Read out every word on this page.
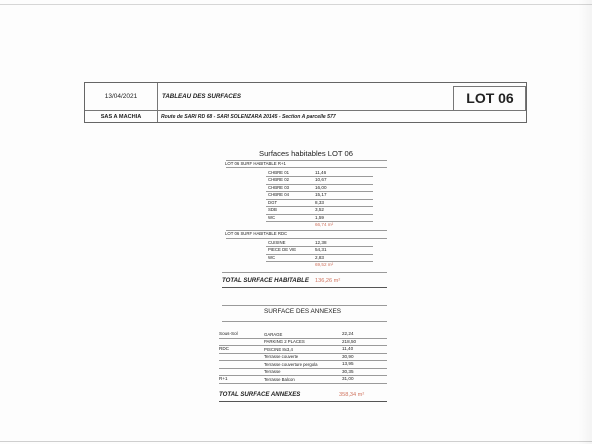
13/04/2021	TABLEAU DES SURFACES	LOT 06
SAS A MACHIA	Route de SARI RD 68 - SARI SOLENZARA 20145 - Section A parcelle 577
Surfaces habitables LOT 06
LOT 06 SURF HABITABLE R+1
CHBRE 01	11,46
CHBRE 02	10,67
CHBRE 03	16,00
CHBRE 04	15,17
DGT	8,33
SDB	3,52
WC	1,59
66,74 m²
LOT 06 SURF HABITABLE RDC
CUISINE	12,38
PIECE DE VIE	54,31
WC	2,83
69,52 m²
TOTAL SURFACE HABITABLE 136,26 m²
SURFACE DES ANNEXES
Sous-Sol	GARAGE	22,24
PARKING 2 PLACES	218,50
RDC	PISCINE 8x3,4	11,40
Terrasse couverte	30,90
Terrasse couverture pergola	13,95
Terrasse	30,35
R+1	Terrasse Balcon	31,00
TOTAL SURFACE ANNEXES	358,34 m²
